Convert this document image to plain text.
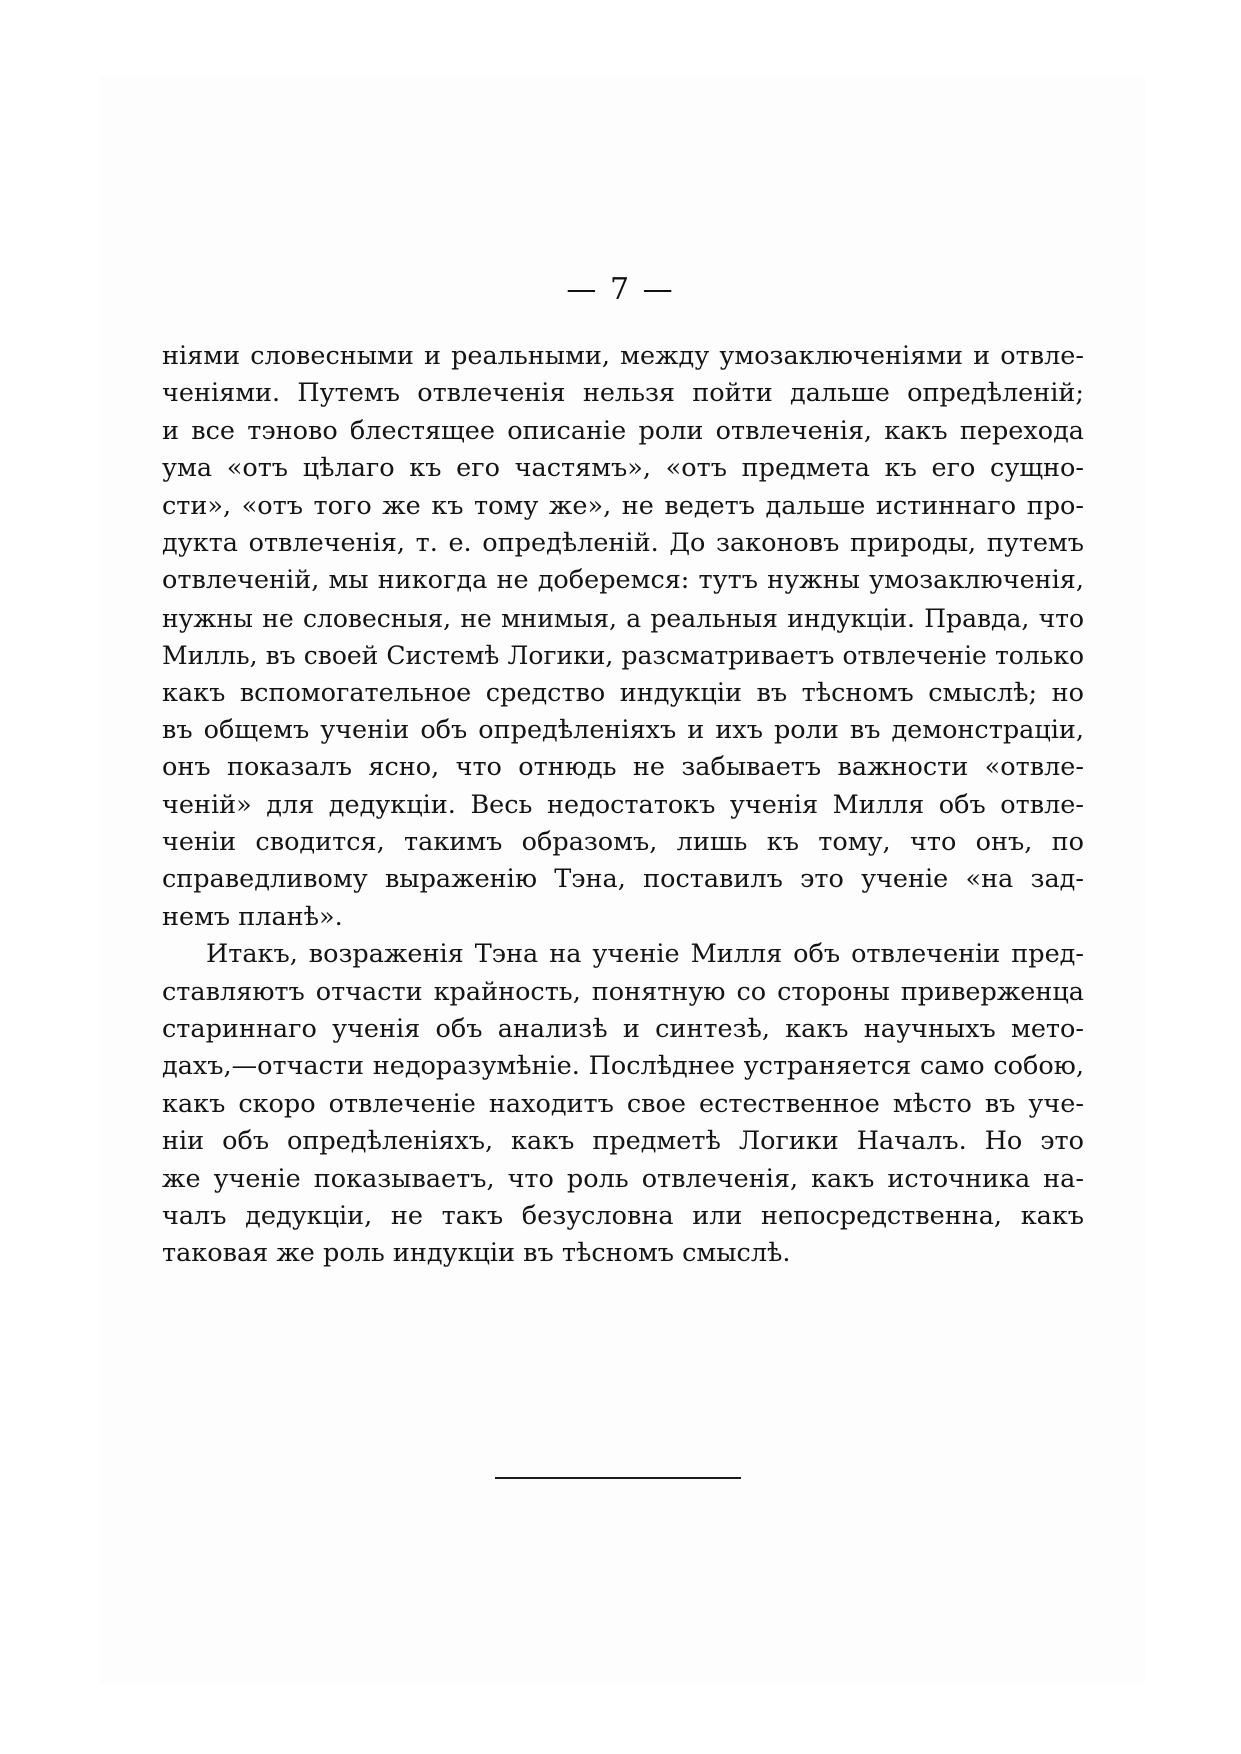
— 7 —
ніями словесными и реальными, между умозаключеніями и отвле-
ченіями. Путемъ отвлеченія нельзя пойти дальше опредѣленій;
и все тэново блестящее описаніе роли отвлеченія, какъ перехода
ума «отъ цѣлаго къ его частямъ», «отъ предмета къ его сущно-
сти», «отъ того же къ тому же», не ведетъ дальше истиннаго про-
дукта отвлеченія, т. е. опредѣленій. До законовъ природы, путемъ
отвлеченій, мы никогда не доберемся: тутъ нужны умозаключенія,
нужны не словесныя, не мнимыя, а реальныя индукціи. Правда, что
Милль, въ своей Системѣ Логики, разсматриваетъ отвлеченіе только
какъ вспомогательное средство индукціи въ тѣсномъ смыслѣ; но
въ общемъ ученіи объ опредѣленіяхъ и ихъ роли въ демонстраціи,
онъ показалъ ясно, что отнюдь не забываетъ важности «отвле-
ченій» для дедукціи. Весь недостатокъ ученія Милля объ отвле-
ченіи сводится, такимъ образомъ, лишь къ тому, что онъ, по
справедливому выраженію Тэна, поставилъ это ученіе «на зад-
немъ планѣ».
Итакъ, возраженія Тэна на ученіе Милля объ отвлеченіи пред-
ставляютъ отчасти крайность, понятную со стороны приверженца
стариннаго ученія объ анализѣ и синтезѣ, какъ научныхъ мето-
дахъ,—отчасти недоразумѣніе. Послѣднее устраняется само собою,
какъ скоро отвлеченіе находитъ свое естественное мѣсто въ уче-
ніи объ опредѣленіяхъ, какъ предметѣ Логики Началъ. Но это
же ученіе показываетъ, что роль отвлеченія, какъ источника на-
чалъ дедукціи, не такъ безусловна или непосредственна, какъ
таковая же роль индукціи въ тѣсномъ смыслѣ.
